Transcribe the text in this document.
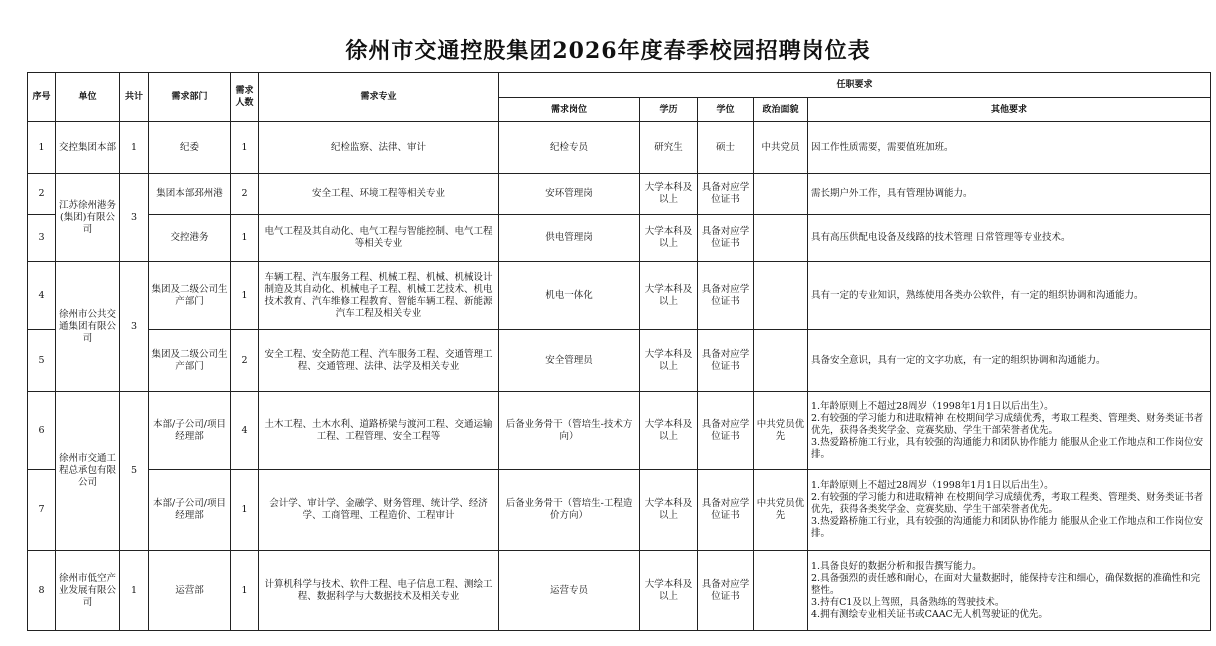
徐州市交通控股集团2026年度春季校园招聘岗位表
序号	单位	共计	需求部门	需求人数	需求专业	任职要求				
						需求岗位	学历	学位	政治面貌	其他要求
1	交控集团本部	1	纪委	1	纪检监察、法律、审计	纪检专员	研究生	硕士	中共党员	因工作性质需要，需要值班加班。

2	江苏徐州港务(集团)有限公司	3	集团本部邳州港	2	安全工程、环境工程等相关专业	安环管理岗	大学本科及以上	具备对应学位证书		需长期户外工作，具有管理协调能力。

3			交控港务	1	电气工程及其自动化、电气工程与智能控制、电气工程等相关专业	供电管理岗	大学本科及以上	具备对应学位证书		具有高压供配电设备及线路的技术管理 日常管理等专业技术。

4	徐州市公共交通集团有限公司	3	集团及二级公司生产部门	1	车辆工程、汽车服务工程、机械工程、机械、机械设计制造及其自动化、机械电子工程、机械工艺技术、机电技术教育、汽车维修工程教育、智能车辆工程、新能源汽车工程及相关专业	机电一体化	大学本科及以上	具备对应学位证书		具有一定的专业知识，熟练使用各类办公软件，有一定的组织协调和沟通能力。

5			集团及二级公司生产部门	2	安全工程、安全防范工程、汽车服务工程、交通管理工程、交通管理、法律、法学及相关专业	安全管理员	大学本科及以上	具备对应学位证书		具备安全意识，具有一定的文字功底，有一定的组织协调和沟通能力。

6	徐州市交通工程总承包有限公司	5	本部/子公司/项目经理部	4	土木工程、土木水利、道路桥梁与渡河工程、交通运输工程、工程管理、安全工程等	后备业务骨干（管培生-技术方向）	大学本科及以上	具备对应学位证书	中共党员优先	1.年龄原则上不超过28周岁（1998年1月1日以后出生）。
2.有较强的学习能力和进取精神 在校期间学习成绩优秀，考取工程类、管理类、财务类证书者优先，获得各类奖学金、竞赛奖励、学生干部荣誉者优先。
3.热爱路桥施工行业，具有较强的沟通能力和团队协作能力 能服从企业工作地点和工作岗位安排。

7			本部/子公司/项目经理部	1	会计学、审计学、金融学、财务管理、统计学、经济学、工商管理、工程造价、工程审计	后备业务骨干（管培生-工程造价方向）	大学本科及以上	具备对应学位证书	中共党员优先	1.年龄原则上不超过28周岁（1998年1月1日以后出生）。
2.有较强的学习能力和进取精神 在校期间学习成绩优秀，考取工程类、管理类、财务类证书者优先，获得各类奖学金、竞赛奖励、学生干部荣誉者优先。
3.热爱路桥施工行业，具有较强的沟通能力和团队协作能力 能服从企业工作地点和工作岗位安排。

8	徐州市低空产业发展有限公司	1	运营部	1	计算机科学与技术、软件工程、电子信息工程、测绘工程、数据科学与大数据技术及相关专业	运营专员	大学本科及以上	具备对应学位证书		1.具备良好的数据分析和报告撰写能力。
2.具备强烈的责任感和耐心，在面对大量数据时，能保持专注和细心，确保数据的准确性和完整性。
3.持有C1及以上驾照，具备熟练的驾驶技术。
4.拥有测绘专业相关证书或CAAC无人机驾驶证的优先。
